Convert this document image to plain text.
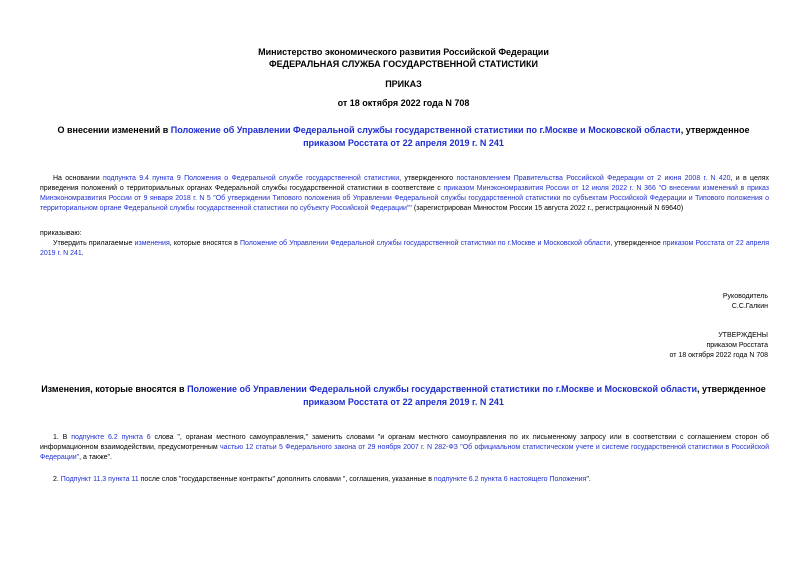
Министерство экономического развития Российской Федерации
ФЕДЕРАЛЬНАЯ СЛУЖБА ГОСУДАРСТВЕННОЙ СТАТИСТИКИ
ПРИКАЗ
от 18 октября 2022 года N 708
О внесении изменений в Положение об Управлении Федеральной службы государственной статистики по г.Москве и Московской области, утвержденное приказом Росстата от 22 апреля 2019 г. N 241
На основании подпункта 9.4 пункта 9 Положения о Федеральной службе государственной статистики, утвержденного постановлением Правительства Российской Федерации от 2 июня 2008 г. N 420, и в целях приведения положений о территориальных органах Федеральной службы государственной статистики в соответствие с приказом Минэкономразвития России от 12 июля 2022 г. N 366 "О внесении изменений в приказ Минэкономразвития России от 9 января 2018 г. N 5 "Об утверждении Типового положения об Управлении Федеральной службы государственной статистики по субъектам Российской Федерации и Типового положения о территориальном органе Федеральной службы государственной статистики по субъекту Российской Федерации"" (зарегистрирован Минюстом России 15 августа 2022 г., регистрационный N 69640)
приказываю:
Утвердить прилагаемые изменения, которые вносятся в Положение об Управлении Федеральной службы государственной статистики по г.Москве и Московской области, утвержденное приказом Росстата от 22 апреля 2019 г. N 241.
Руководитель
С.С.Галкин
УТВЕРЖДЕНЫ
приказом Росстата
от 18 октября 2022 года N 708
Изменения, которые вносятся в Положение об Управлении Федеральной службы государственной статистики по г.Москве и Московской области, утвержденное приказом Росстата от 22 апреля 2019 г. N 241
1. В подпункте 6.2 пункта 6 слова ", органам местного самоуправления," заменить словами "и органам местного самоуправления по их письменному запросу или в соответствии с соглашением сторон об информационном взаимодействии, предусмотренным частью 12 статьи 5 Федерального закона от 29 ноября 2007 г. N 282-ФЗ "Об официальном статистическом учете и системе государственной статистики в Российской Федерации", а также".
2. Подпункт 11.3 пункта 11 после слов "государственные контракты" дополнить словами ", соглашения, указанные в подпункте 6.2 пункта 6 настоящего Положения".
